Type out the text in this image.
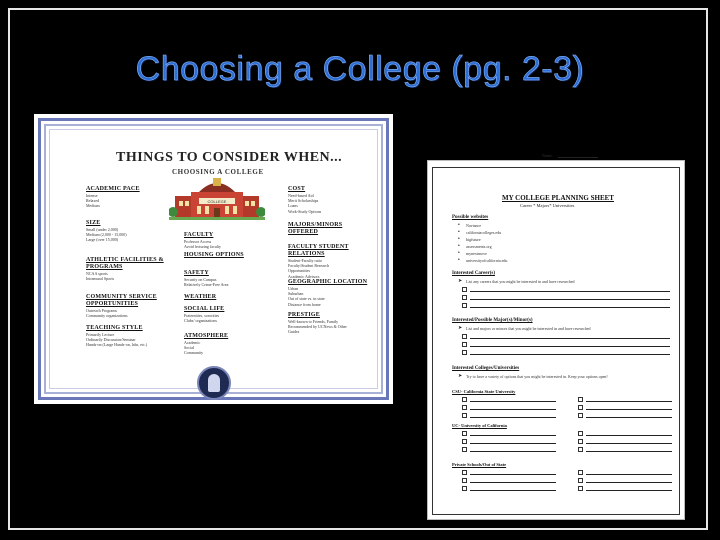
Choosing a College (pg. 2-3)
THINGS TO CONSIDER WHEN...
CHOOSING A COLLEGE
COLLEGE
ACADEMIC PACE
Intense
Relaxed
Medium
SIZE
Small (under 2,000)
Medium (2,000 - 15,000)
Large (over 15,000)
ATHLETIC FACILITIES & PROGRAMS
NCAA sports
Intramural Sports
COMMUNITY SERVICE OPPORTUNITIES
Outreach Programs
Community organizations
TEACHING STYLE
Primarily Lecture
Ordinarily Discussion/Seminar
Hands-on (Large Hands-on, labs, etc.)
FACULTY
Professor Access
Avoid lecturing faculty
HOUSING OPTIONS
SAFETY
Security on Campus
Relatively Crime-Free Area
WEATHER
SOCIAL LIFE
Fraternities, sororities
Clubs/ organizations
ATMOSPHERE
Academic
Social
Community
COST
Need-based Aid
Merit Scholarships
Loans
Work-Study Options
MAJORS/MINORS OFFERED
FACULTY STUDENT RELATIONS
Student-Faculty ratio
Faculty/Student Research
Opportunities
Academic Advisors
GEOGRAPHIC LOCATION
Urban
Suburban
Out of state vs. in state
Distance from home
PRESTIGE
Well-known to Friends, Family
Recommended by UCNews & Other
Guides
Name:
MY COLLEGE PLANNING SHEET
Career * Majors* Universities
Possible websites
• Naviance
• californiacolleges.edu
• bigfuture
• assessments.org
• mynextmove
• universityofcalifornia.edu
Interested Career(s)
➤ List any careers that you might be interested in and have researched
Interested/Possible Major(s)/Minor(s)
➤ List and majors or minors that you might be interested in and have researched
Interested Colleges/Universities
➤ Try to have a variety of options that you might be interested in. Keep your options open!
CSU- California State University
UC- University of California
Private Schools/Out of State
